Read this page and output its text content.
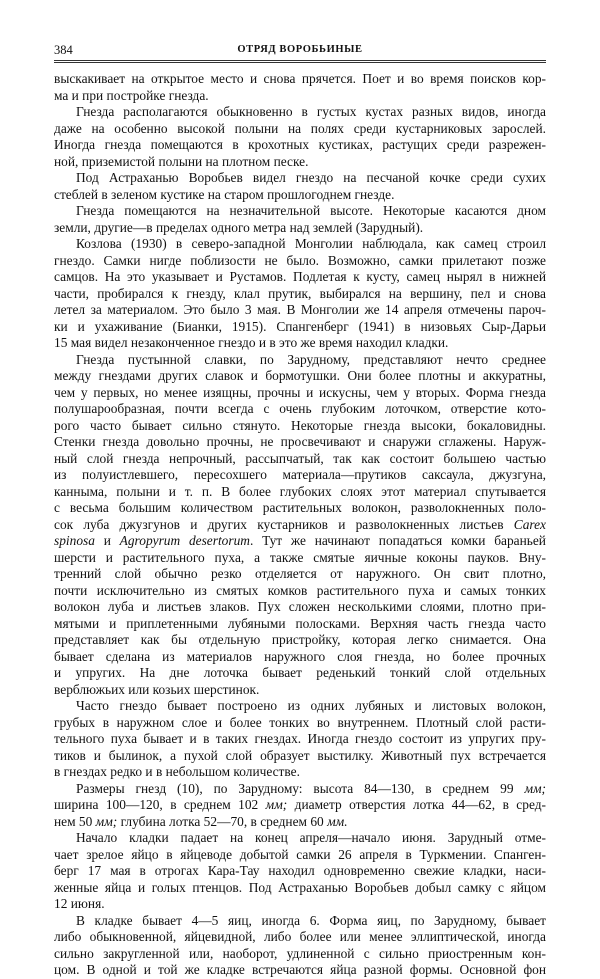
384	ОТРЯД ВОРОБЬИНЫЕ
выскакивает на открытое место и снова прячется. Поет и во время поисков кор-
ма и при постройке гнезда.
Гнезда располагаются обыкновенно в густых кустах разных видов, иногда
даже на особенно высокой полыни на полях среди кустарниковых зарослей.
Иногда гнезда помещаются в крохотных кустиках, растущих среди разрежен-
ной, приземистой полыни на плотном песке.
Под Астраханью Воробьев видел гнездо на песчаной кочке среди сухих
стеблей в зеленом кустике на старом прошлогоднем гнезде.
Гнезда помещаются на незначительной высоте. Некоторые касаются дном
земли, другие—в пределах одного метра над землей (Зарудный).
Козлова (1930) в северо-западной Монголии наблюдала, как самец строил
гнездо. Самки нигде поблизости не было. Возможно, самки прилетают позже
самцов. На это указывает и Рустамов. Подлетая к кусту, самец нырял в нижней
части, пробирался к гнезду, клал прутик, выбирался на вершину, пел и снова
летел за материалом. Это было 3 мая. В Монголии же 14 апреля отмечены пароч-
ки и ухаживание (Бианки, 1915). Спангенберг (1941) в низовьях Сыр-Дарьи
15 мая видел незаконченное гнездо и в это же время находил кладки.
Гнезда пустынной славки, по Зарудному, представляют нечто среднее
между гнездами других славок и бормотушки. Они более плотны и аккуратны,
чем у первых, но менее изящны, прочны и искусны, чем у вторых. Форма гнезда
полушарообразная, почти всегда с очень глубоким лоточком, отверстие кото-
рого часто бывает сильно стянуто. Некоторые гнезда высоки, бокаловидны.
Стенки гнезда довольно прочны, не просвечивают и снаружи сглажены. Наруж-
ный слой гнезда непрочный, рассыпчатый, так как состоит большею частью
из полуистлевшего, пересохшего материала—прутиков саксаула, джузгуна,
каннымa, полыни и т. п. В более глубоких слоях этот материал спутывается
с весьма большим количеством растительных волокон, разволокненных поло-
сок луба джузгунов и других кустарников и разволокненных листьев Carex
spinosa и Agropyrum desertorum. Тут же начинают попадаться комки бараньей
шерсти и растительного пуха, а также смятые яичные коконы пауков. Вну-
тренний слой обычно резко отделяется от наружного. Он свит плотно,
почти исключительно из смятых комков растительного пуха и самых тонких
волокон луба и листьев злаков. Пух сложен несколькими слоями, плотно при-
мятыми и приплетенными лубяными полосками. Верхняя часть гнезда часто
представляет как бы отдельную пристройку, которая легко снимается. Она
бывает сделана из материалов наружного слоя гнезда, но более прочных
и упругих. На дне лоточка бывает реденький тонкий слой отдельных
верблюжьих или козьих шерстинок.
Часто гнездо бывает построено из одних лубяных и листовых волокон,
грубых в наружном слое и более тонких во внутреннем. Плотный слой расти-
тельного пуха бывает и в таких гнездах. Иногда гнездо состоит из упругих пру-
тиков и былинок, а пухой слой образует выстилку. Животный пух встречается
в гнездах редко и в небольшом количестве.
Размеры гнезд (10), по Зарудному: высота 84—130, в среднем 99 мм;
ширина 100—120, в среднем 102 мм; диаметр отверстия лотка 44—62, в сред-
нем 50 мм; глубина лотка 52—70, в среднем 60 мм.
Начало кладки падает на конец апреля—начало июня. Зарудный отме-
чает зрелое яйцо в яйцеводе добытой самки 26 апреля в Туркмении. Спанген-
берг 17 мая в отрогах Кара-Тау находил одновременно свежие кладки, наси-
женные яйца и голых птенцов. Под Астраханью Воробьев добыл самку с яйцом
12 июня.
В кладке бывает 4—5 яиц, иногда 6. Форма яиц, по Зарудному, бывает
либо обыкновенной, яйцевидной, либо более или менее эллиптической, иногда
сильно закругленной или, наоборот, удлиненной с сильно приостренным кон-
цом. В одной и той же кладке встречаются яйца разной формы. Основной фон
